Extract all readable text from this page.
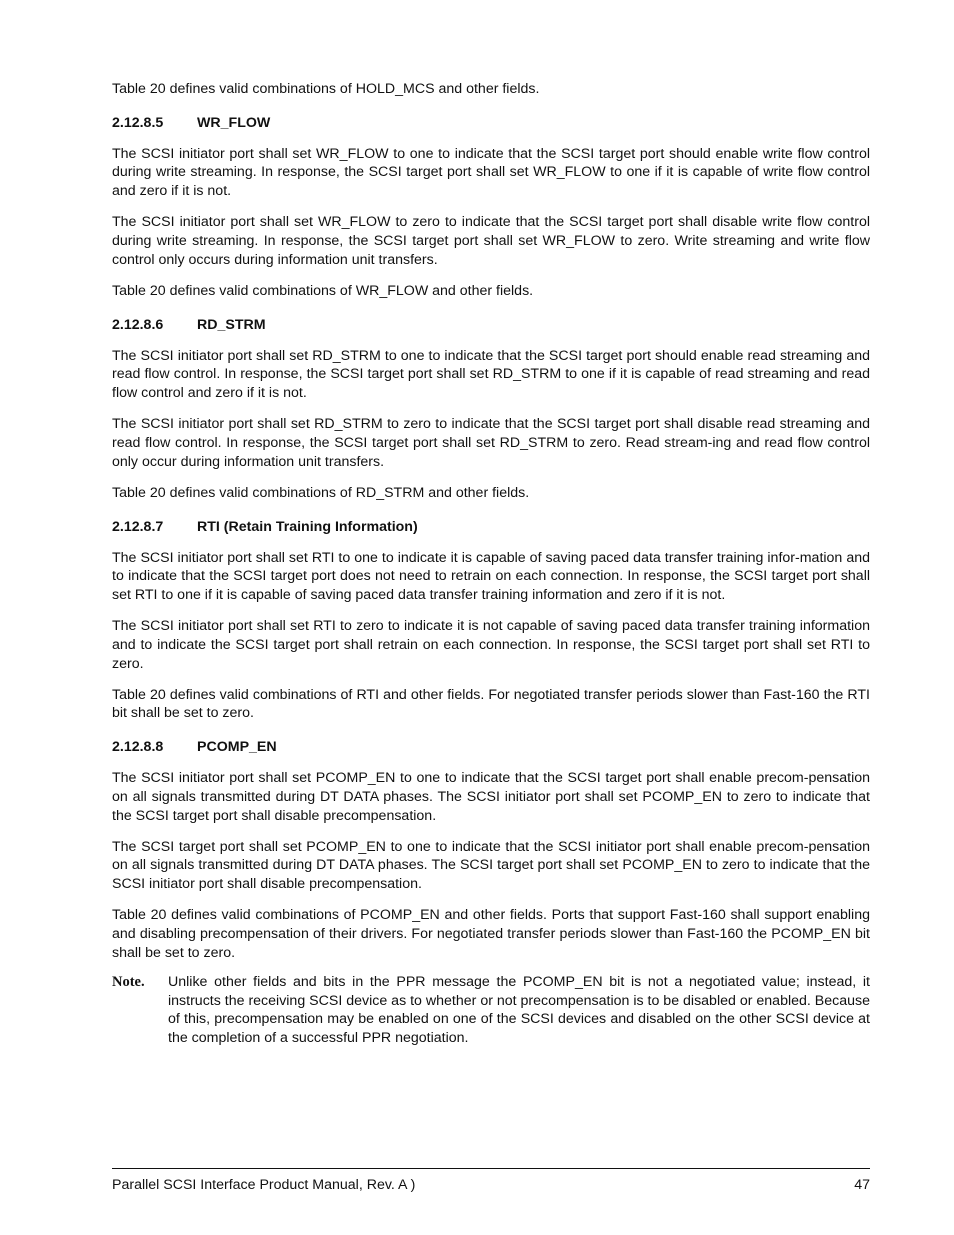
Table 20 defines valid combinations of HOLD_MCS and other fields.

2.12.8.5	WR_FLOW

The SCSI initiator port shall set WR_FLOW to one to indicate that the SCSI target port should enable write flow control during write streaming. In response, the SCSI target port shall set WR_FLOW to one if it is capable of write flow control and zero if it is not.

The SCSI initiator port shall set WR_FLOW to zero to indicate that the SCSI target port shall disable write flow control during write streaming. In response, the SCSI target port shall set WR_FLOW to zero. Write streaming and write flow control only occurs during information unit transfers.

Table 20 defines valid combinations of WR_FLOW and other fields.

2.12.8.6	RD_STRM

The SCSI initiator port shall set RD_STRM to one to indicate that the SCSI target port should enable read streaming and read flow control. In response, the SCSI target port shall set RD_STRM to one if it is capable of read streaming and read flow control and zero if it is not.

The SCSI initiator port shall set RD_STRM to zero to indicate that the SCSI target port shall disable read streaming and read flow control. In response, the SCSI target port shall set RD_STRM to zero. Read stream-ing and read flow control only occur during information unit transfers.

Table 20 defines valid combinations of RD_STRM and other fields.

2.12.8.7	RTI (Retain Training Information)

The SCSI initiator port shall set RTI to one to indicate it is capable of saving paced data transfer training infor-mation and to indicate that the SCSI target port does not need to retrain on each connection. In response, the SCSI target port shall set RTI to one if it is capable of saving paced data transfer training information and zero if it is not.

The SCSI initiator port shall set RTI to zero to indicate it is not capable of saving paced data transfer training information and to indicate the SCSI target port shall retrain on each connection. In response, the SCSI target port shall set RTI to zero.

Table 20 defines valid combinations of RTI and other fields. For negotiated transfer periods slower than Fast-160 the RTI bit shall be set to zero.

2.12.8.8	PCOMP_EN

The SCSI initiator port shall set PCOMP_EN to one to indicate that the SCSI target port shall enable precom-pensation on all signals transmitted during DT DATA phases. The SCSI initiator port shall set PCOMP_EN to zero to indicate that the SCSI target port shall disable precompensation.

The SCSI target port shall set PCOMP_EN to one to indicate that the SCSI initiator port shall enable precom-pensation on all signals transmitted during DT DATA phases. The SCSI target port shall set PCOMP_EN to zero to indicate that the SCSI initiator port shall disable precompensation.

Table 20 defines valid combinations of PCOMP_EN and other fields. Ports that support Fast-160 shall support enabling and disabling precompensation of their drivers. For negotiated transfer periods slower than Fast-160 the PCOMP_EN bit shall be set to zero.

Note.	Unlike other fields and bits in the PPR message the PCOMP_EN bit is not a negotiated value; instead, it instructs the receiving SCSI device as to whether or not precompensation is to be disabled or enabled. Because of this, precompensation may be enabled on one of the SCSI devices and disabled on the other SCSI device at the completion of a successful PPR negotiation.
Parallel SCSI Interface Product Manual, Rev. A )	47
